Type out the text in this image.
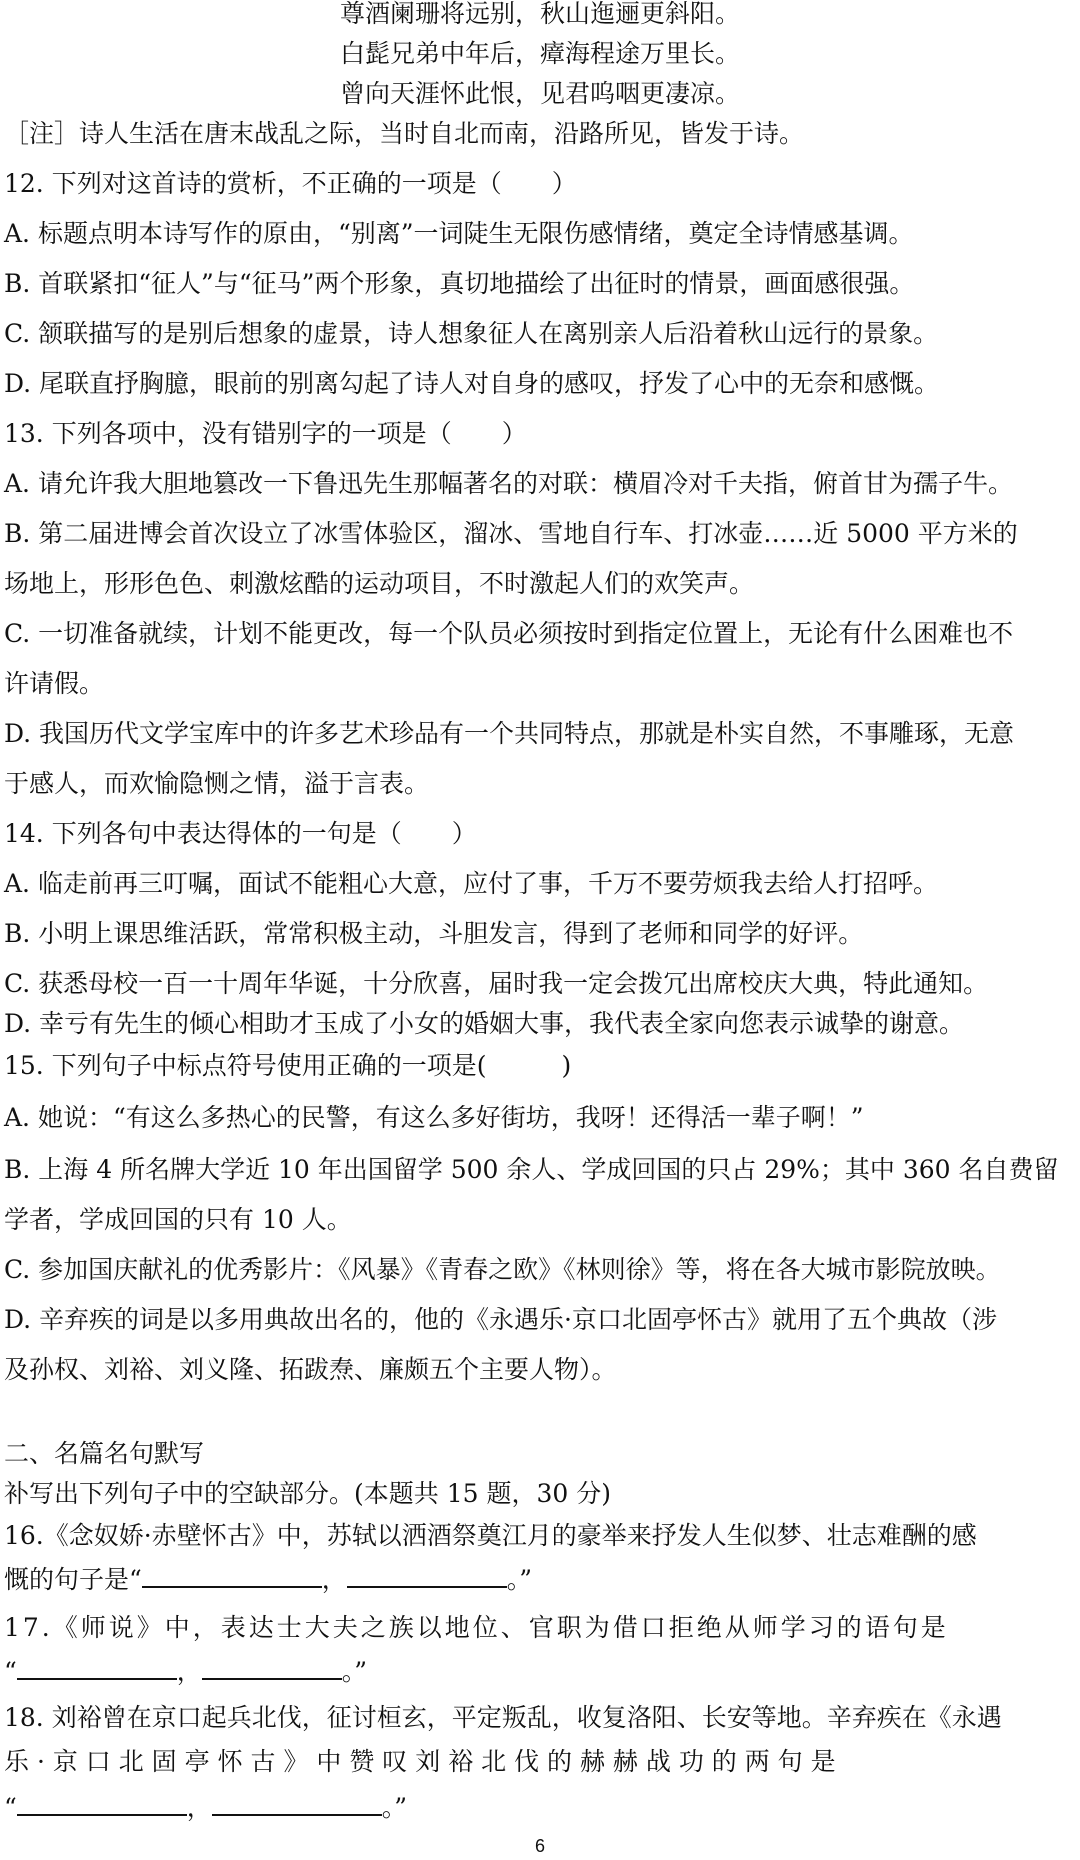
尊酒阑珊将远别，秋山迤逦更斜阳。
白髭兄弟中年后，瘴海程途万里长。
曾向天涯怀此恨，见君呜咽更凄凉。
［注］诗人生活在唐末战乱之际，当时自北而南，沿路所见，皆发于诗。
12. 下列对这首诗的赏析，不正确的一项是（　　）
A. 标题点明本诗写作的原由，“别离”一词陡生无限伤感情绪，奠定全诗情感基调。
B. 首联紧扣“征人”与“征马”两个形象，真切地描绘了出征时的情景，画面感很强。
C. 颔联描写的是别后想象的虚景，诗人想象征人在离别亲人后沿着秋山远行的景象。
D. 尾联直抒胸臆，眼前的别离勾起了诗人对自身的感叹，抒发了心中的无奈和感慨。
13. 下列各项中，没有错别字的一项是（　　）
A. 请允许我大胆地篡改一下鲁迅先生那幅著名的对联：横眉冷对千夫指，俯首甘为孺子牛。
B. 第二届进博会首次设立了冰雪体验区，溜冰、雪地自行车、打冰壶……近 5000 平方米的
场地上，形形色色、刺激炫酷的运动项目，不时激起人们的欢笑声。
C. 一切准备就续，计划不能更改，每一个队员必须按时到指定位置上，无论有什么困难也不
许请假。
D. 我国历代文学宝库中的许多艺术珍品有一个共同特点，那就是朴实自然，不事雕琢，无意
于感人，而欢愉隐恻之情，溢于言表。
14. 下列各句中表达得体的一句是（　　）
A. 临走前再三叮嘱，面试不能粗心大意，应付了事，千万不要劳烦我去给人打招呼。
B. 小明上课思维活跃，常常积极主动，斗胆发言，得到了老师和同学的好评。
C. 获悉母校一百一十周年华诞，十分欣喜，届时我一定会拨冗出席校庆大典，特此通知。
D. 幸亏有先生的倾心相助才玉成了小女的婚姻大事，我代表全家向您表示诚挚的谢意。
15. 下列句子中标点符号使用正确的一项是(　　　)
A. 她说：“有这么多热心的民警，有这么多好街坊，我呀！还得活一辈子啊！”
B. 上海 4 所名牌大学近 10 年出国留学 500 余人、学成回国的只占 29%；其中 360 名自费留
学者，学成回国的只有 10 人。
C. 参加国庆献礼的优秀影片：《风暴》《青春之欧》《林则徐》等，将在各大城市影院放映。
D. 辛弃疾的词是以多用典故出名的，他的《永遇乐·京口北固亭怀古》就用了五个典故（涉
及孙权、刘裕、刘义隆、拓跋焘、廉颇五个主要人物）。
二、名篇名句默写
补写出下列句子中的空缺部分。(本题共 15 题，30 分)
16.《念奴娇·赤壁怀古》中，苏轼以洒酒祭奠江月的豪举来抒发人生似梦、壮志难酬的感
慨的句子是“	，	。”
17.《师说》中，表达士大夫之族以地位、官职为借口拒绝从师学习的语句是
“	，	。”
18. 刘裕曾在京口起兵北伐，征讨桓玄，平定叛乱，收复洛阳、长安等地。辛弃疾在《永遇
乐 · 京 口 北 固 亭 怀 古 》 中 赞 叹 刘 裕 北 伐 的 赫 赫 战 功 的 两 句 是
“	，	。”
6
